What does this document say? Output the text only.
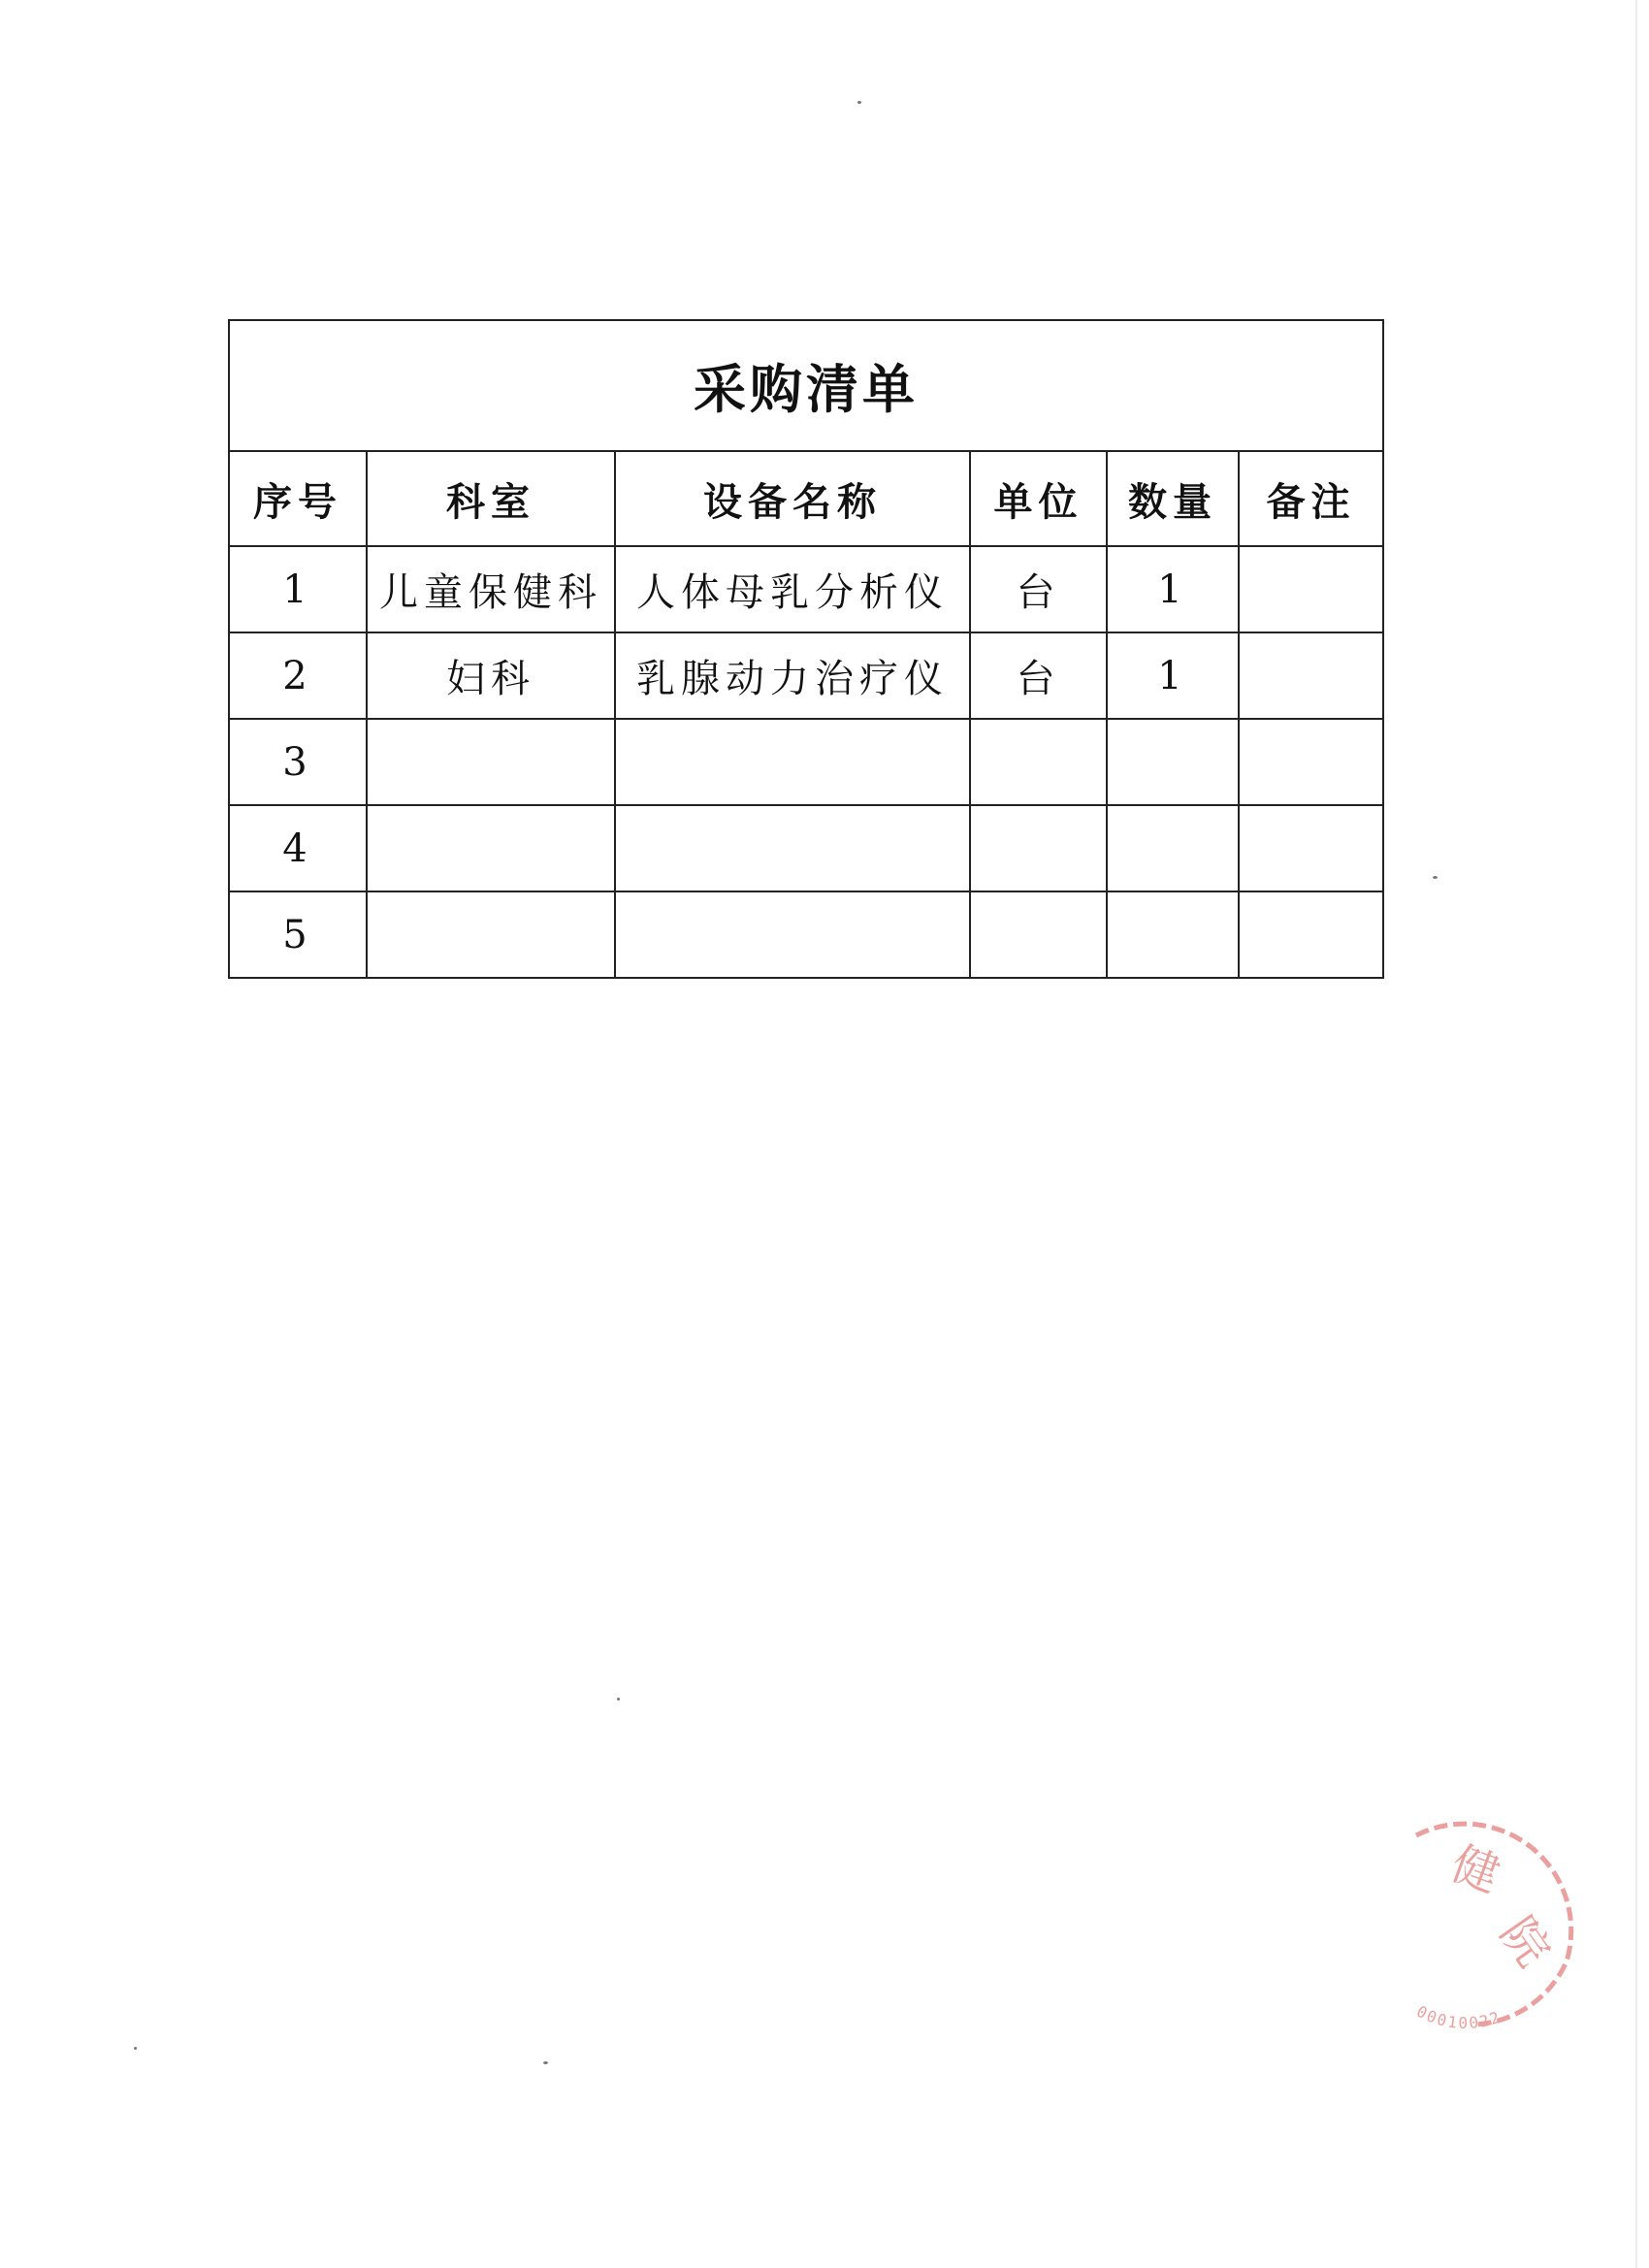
采购清单					
序号	科室	设备名称	单位	数量	备注
1	儿童保健科	人体母乳分析仪	台	1	
2	妇科	乳腺动力治疗仪	台	1	
3					
4					
5					
健
院
00010022
